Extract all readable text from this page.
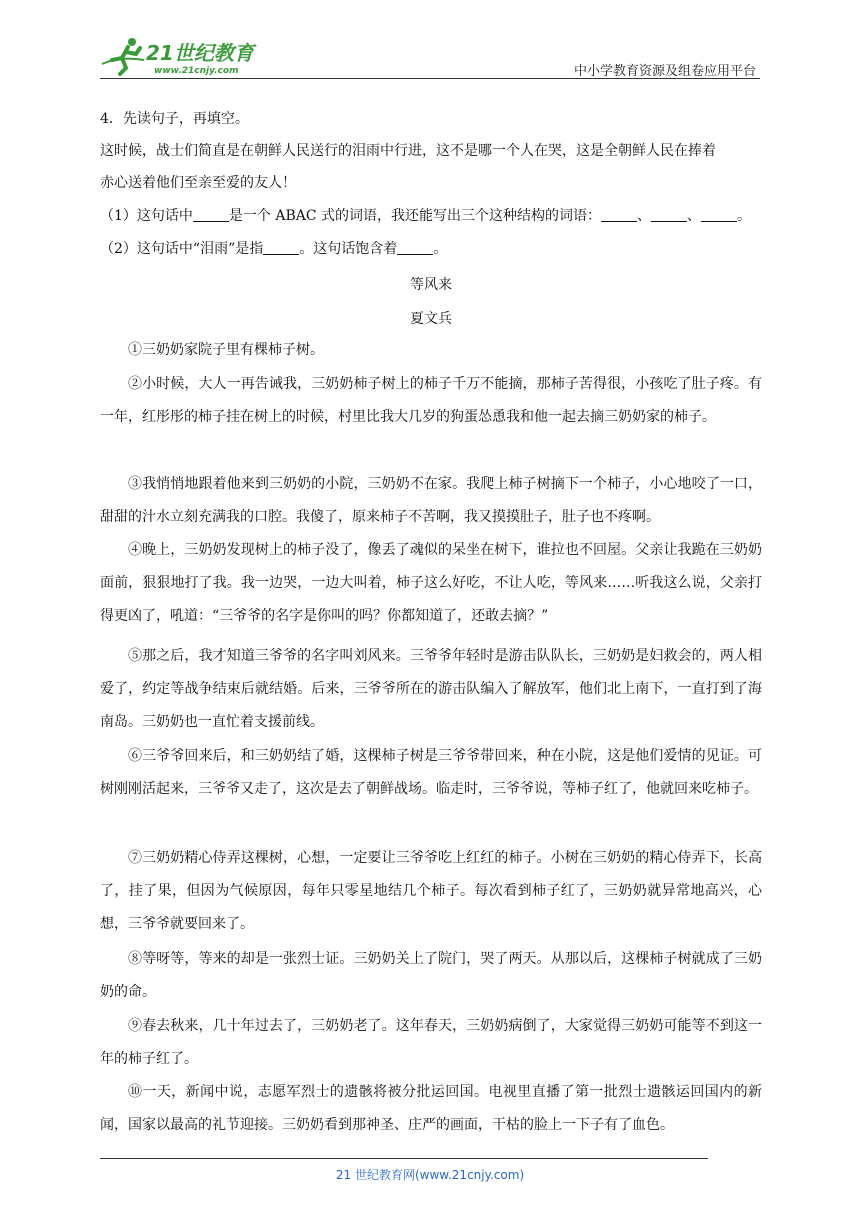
21世纪教育
www.21cnjy.com	中小学教育资源及组卷应用平台
4．先读句子，再填空。
这时候，战士们简直是在朝鲜人民送行的泪雨中行进，这不是哪一个人在哭，这是全朝鲜人民在捧着
赤心送着他们至亲至爱的友人！
（1）这句话中	是一个 ABAC 式的词语，我还能写出三个这种结构的词语：	、	、	。
（2）这句话中“泪雨”是指	。这句话饱含着	。
等风来
夏文兵
①三奶奶家院子里有棵柿子树。
②小时候，大人一再告诫我，三奶奶柿子树上的柿子千万不能摘，那柿子苦得很，小孩吃了肚子疼。有一年，红彤彤的柿子挂在树上的时候，村里比我大几岁的狗蛋怂恿我和他一起去摘三奶奶家的柿子。
③我悄悄地跟着他来到三奶奶的小院，三奶奶不在家。我爬上柿子树摘下一个柿子，小心地咬了一口，甜甜的汁水立刻充满我的口腔。我傻了，原来柿子不苦啊，我又摸摸肚子，肚子也不疼啊。
④晚上，三奶奶发现树上的柿子没了，像丢了魂似的呆坐在树下，谁拉也不回屋。父亲让我跪在三奶奶面前，狠狠地打了我。我一边哭，一边大叫着，柿子这么好吃，不让人吃，等风来……听我这么说，父亲打得更凶了，吼道：“三爷爷的名字是你叫的吗？你都知道了，还敢去摘？”
⑤那之后，我才知道三爷爷的名字叫刘风来。三爷爷年轻时是游击队队长，三奶奶是妇救会的，两人相爱了，约定等战争结束后就结婚。后来，三爷爷所在的游击队编入了解放军，他们北上南下，一直打到了海南岛。三奶奶也一直忙着支援前线。
⑥三爷爷回来后，和三奶奶结了婚，这棵柿子树是三爷爷带回来，种在小院，这是他们爱情的见证。可树刚刚活起来，三爷爷又走了，这次是去了朝鲜战场。临走时，三爷爷说，等柿子红了，他就回来吃柿子。
⑦三奶奶精心侍弄这棵树，心想，一定要让三爷爷吃上红红的柿子。小树在三奶奶的精心侍弄下，长高了，挂了果，但因为气候原因，每年只零星地结几个柿子。每次看到柿子红了，三奶奶就异常地高兴，心想，三爷爷就要回来了。
⑧等呀等，等来的却是一张烈士证。三奶奶关上了院门，哭了两天。从那以后，这棵柿子树就成了三奶奶的命。
⑨春去秋来，几十年过去了，三奶奶老了。这年春天，三奶奶病倒了，大家觉得三奶奶可能等不到这一年的柿子红了。
⑩一天，新闻中说，志愿军烈士的遗骸将被分批运回国。电视里直播了第一批烈士遗骸运回国内的新闻，国家以最高的礼节迎接。三奶奶看到那神圣、庄严的画面，干枯的脸上一下子有了血色。
21 世纪教育网(www.21cnjy.com)
